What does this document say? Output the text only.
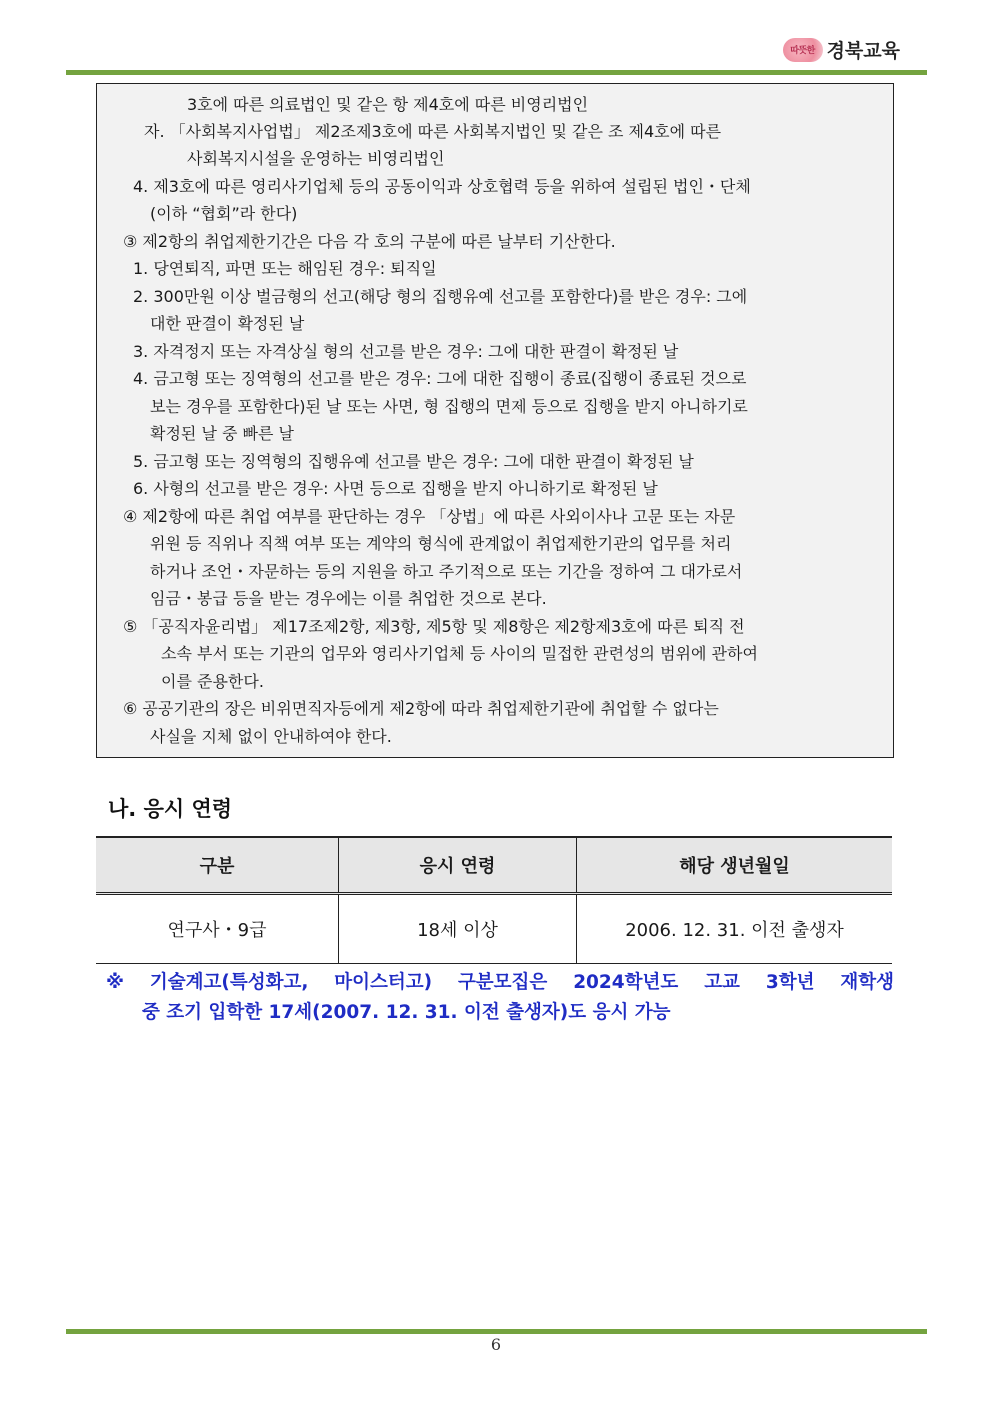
따뜻한 경북교육
3호에 따른 의료법인 및 같은 항 제4호에 따른 비영리법인
자. 「사회복지사업법」 제2조제3호에 따른 사회복지법인 및 같은 조 제4호에 따른
사회복지시설을 운영하는 비영리법인
4. 제3호에 따른 영리사기업체 등의 공동이익과 상호협력 등을 위하여 설립된 법인・단체
(이하 “협회”라 한다)
③ 제2항의 취업제한기간은 다음 각 호의 구분에 따른 날부터 기산한다.
1. 당연퇴직, 파면 또는 해임된 경우: 퇴직일
2. 300만원 이상 벌금형의 선고(해당 형의 집행유예 선고를 포함한다)를 받은 경우: 그에
대한 판결이 확정된 날
3. 자격정지 또는 자격상실 형의 선고를 받은 경우: 그에 대한 판결이 확정된 날
4. 금고형 또는 징역형의 선고를 받은 경우: 그에 대한 집행이 종료(집행이 종료된 것으로
보는 경우를 포함한다)된 날 또는 사면, 형 집행의 면제 등으로 집행을 받지 아니하기로
확정된 날 중 빠른 날
5. 금고형 또는 징역형의 집행유예 선고를 받은 경우: 그에 대한 판결이 확정된 날
6. 사형의 선고를 받은 경우: 사면 등으로 집행을 받지 아니하기로 확정된 날
④ 제2항에 따른 취업 여부를 판단하는 경우 「상법」에 따른 사외이사나 고문 또는 자문
위원 등 직위나 직책 여부 또는 계약의 형식에 관계없이 취업제한기관의 업무를 처리
하거나 조언・자문하는 등의 지원을 하고 주기적으로 또는 기간을 정하여 그 대가로서
임금・봉급 등을 받는 경우에는 이를 취업한 것으로 본다.
⑤ 「공직자윤리법」 제17조제2항, 제3항, 제5항 및 제8항은 제2항제3호에 따른 퇴직 전
소속 부서 또는 기관의 업무와 영리사기업체 등 사이의 밀접한 관련성의 범위에 관하여
이를 준용한다.
⑥ 공공기관의 장은 비위면직자등에게 제2항에 따라 취업제한기관에 취업할 수 없다는
사실을 지체 없이 안내하여야 한다.
나. 응시 연령
구분	응시 연령	해당 생년월일
연구사・9급	18세 이상	2006. 12. 31. 이전 출생자
※ 기술계고(특성화고, 마이스터고) 구분모집은 2024학년도 고교 3학년 재학생
중 조기 입학한 17세(2007. 12. 31. 이전 출생자)도 응시 가능
6
